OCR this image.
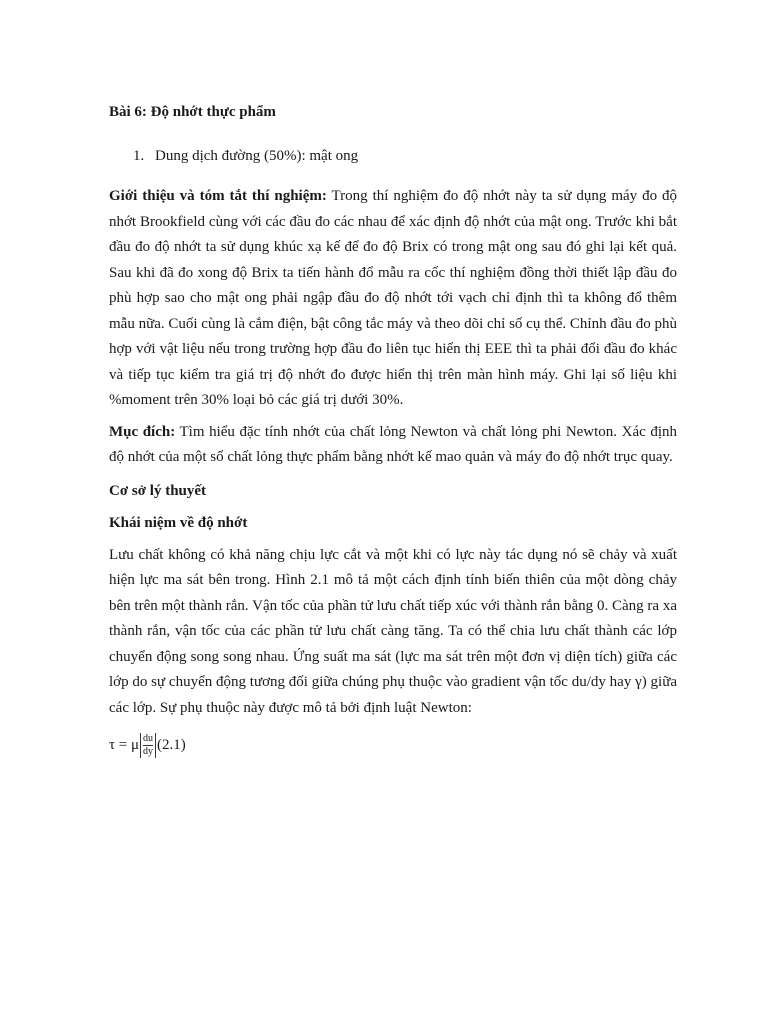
Bài 6: Độ nhớt thực phẩm

1. Dung dịch đường (50%): mật ong

Giới thiệu và tóm tắt thí nghiệm: Trong thí nghiệm đo độ nhớt này ta sử dụng máy đo độ nhớt Brookfield cùng với các đầu đo các nhau để xác định độ nhớt của mật ong. Trước khi bắt đầu đo độ nhớt ta sử dụng khúc xạ kế để đo độ Brix có trong mật ong sau đó ghi lại kết quả. Sau khi đã đo xong độ Brix ta tiến hành đổ mẫu ra cốc thí nghiệm đồng thời thiết lập đầu đo phù hợp sao cho mật ong phải ngập đầu đo độ nhớt tới vạch chỉ định thì ta không đổ thêm mẫu nữa. Cuối cùng là cắm điện, bật công tắc máy và theo dõi chỉ số cụ thể. Chỉnh đầu đo phù hợp với vật liệu nếu trong trường hợp đầu đo liên tục hiển thị EEE thì ta phải đổi đầu đo khác và tiếp tục kiểm tra giá trị độ nhớt đo được hiển thị trên màn hình máy. Ghi lại số liệu khi %moment trên 30% loại bỏ các giá trị dưới 30%.

Mục đích: Tìm hiểu đặc tính nhớt của chất lỏng Newton và chất lỏng phi Newton. Xác định độ nhớt của một số chất lỏng thực phẩm bằng nhớt kế mao quản và máy đo độ nhớt trục quay.

Cơ sở lý thuyết

Khái niệm về độ nhớt

Lưu chất không có khả năng chịu lực cắt và một khi có lực này tác dụng nó sẽ chảy và xuất hiện lực ma sát bên trong. Hình 2.1 mô tả một cách định tính biến thiên của một dòng chảy bên trên một thành rắn. Vận tốc của phần tử lưu chất tiếp xúc với thành rắn bằng 0. Càng ra xa thành rắn, vận tốc của các phần tử lưu chất càng tăng. Ta có thể chia lưu chất thành các lớp chuyển động song song nhau. Ứng suất ma sát (lực ma sát trên một đơn vị diện tích) giữa các lớp do sự chuyển động tương đối giữa chúng phụ thuộc vào gradient vận tốc du/dy hay γ) giữa các lớp. Sự phụ thuộc này được mô tả bởi định luật Newton:

τ = μ $\frac{du}{dy} (2.1)$
